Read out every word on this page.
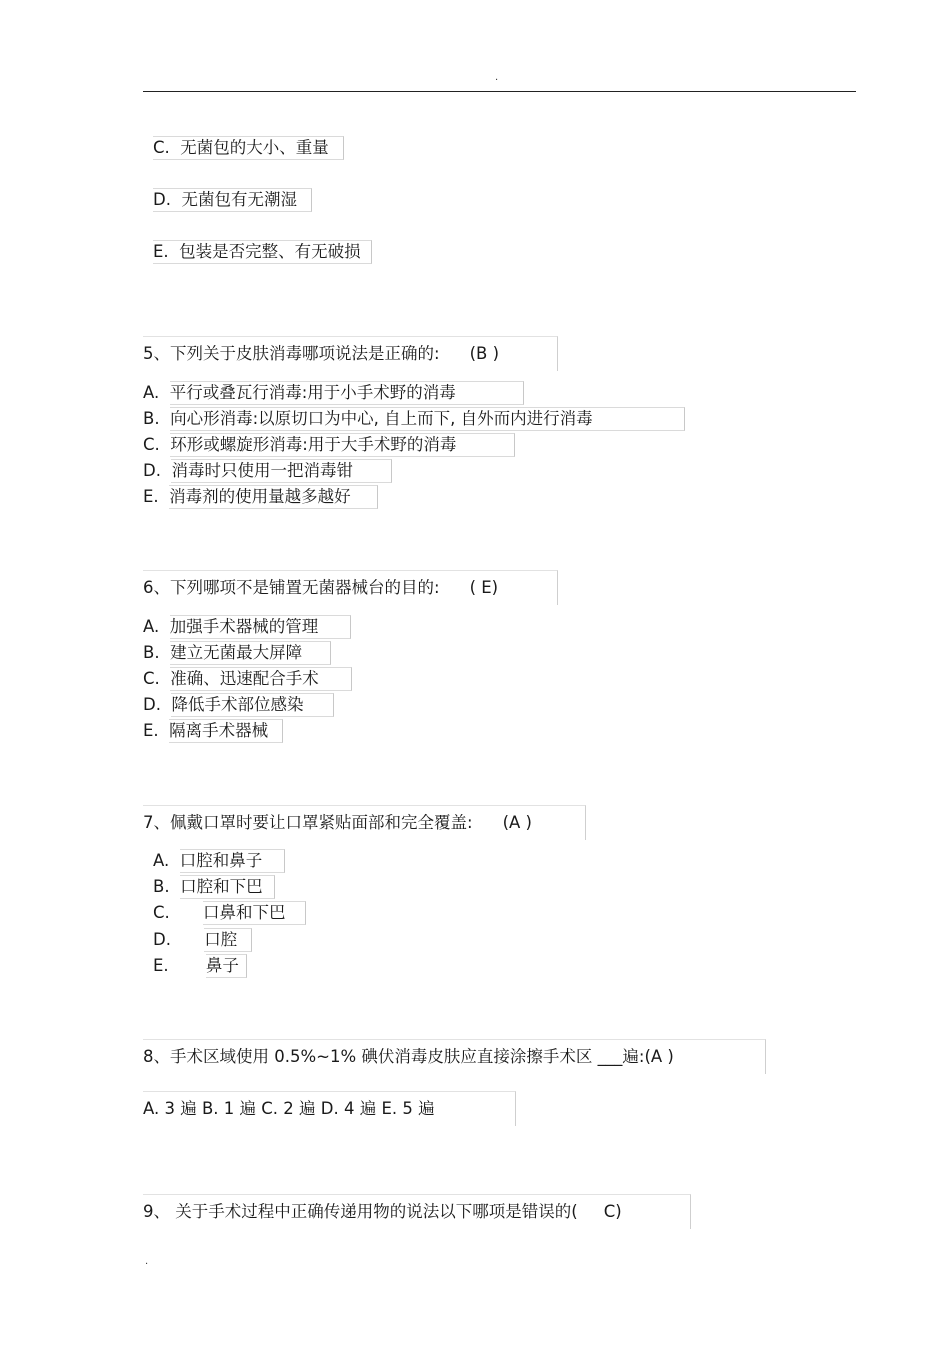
.
C. 无菌包的大小、重量
D. 无菌包有无潮湿
E. 包装是否完整、有无破损
5、下列关于皮肤消毒哪项说法是正确的: (B )
A. 平行或叠瓦行消毒:用于小手术野的消毒
B. 向心形消毒:以原切口为中心, 自上而下, 自外而内进行消毒
C. 环形或螺旋形消毒:用于大手术野的消毒
D. 消毒时只使用一把消毒钳
E. 消毒剂的使用量越多越好
6、下列哪项不是铺置无菌器械台的目的: ( E)
A. 加强手术器械的管理
B. 建立无菌最大屏障
C. 准确、迅速配合手术
D. 降低手术部位感染
E. 隔离手术器械
7、佩戴口罩时要让口罩紧贴面部和完全覆盖: (A )
A. 口腔和鼻子
B. 口腔和下巴
C. 口鼻和下巴
D. 口腔
E. 鼻子
8、手术区域使用 0.5%~1% 碘伏消毒皮肤应直接涂擦手术区 ___遍:(A )
A. 3 遍 B. 1 遍 C. 2 遍 D. 4 遍 E. 5 遍
9、 关于手术过程中正确传递用物的说法以下哪项是错误的( C)
.
